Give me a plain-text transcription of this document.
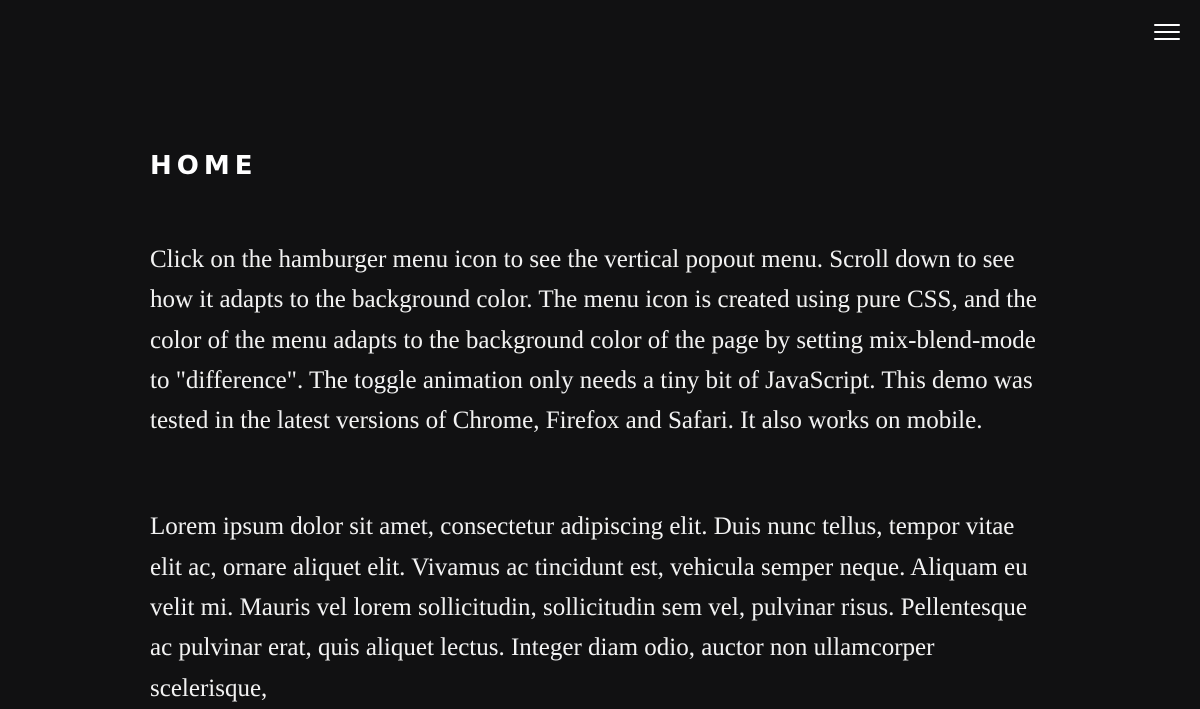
HOME

Click on the hamburger menu icon to see the vertical popout menu. Scroll down to see how it adapts to the background color. The menu icon is created using pure CSS, and the color of the menu adapts to the background color of the page by setting mix-blend-mode to "difference". The toggle animation only needs a tiny bit of JavaScript. This demo was tested in the latest versions of Chrome, Firefox and Safari. It also works on mobile.

Lorem ipsum dolor sit amet, consectetur adipiscing elit. Duis nunc tellus, tempor vitae elit ac, ornare aliquet elit. Vivamus ac tincidunt est, vehicula semper neque. Aliquam eu velit mi. Mauris vel lorem sollicitudin, sollicitudin sem vel, pulvinar risus. Pellentesque ac pulvinar erat, quis aliquet lectus. Integer diam odio, auctor non ullamcorper scelerisque,
